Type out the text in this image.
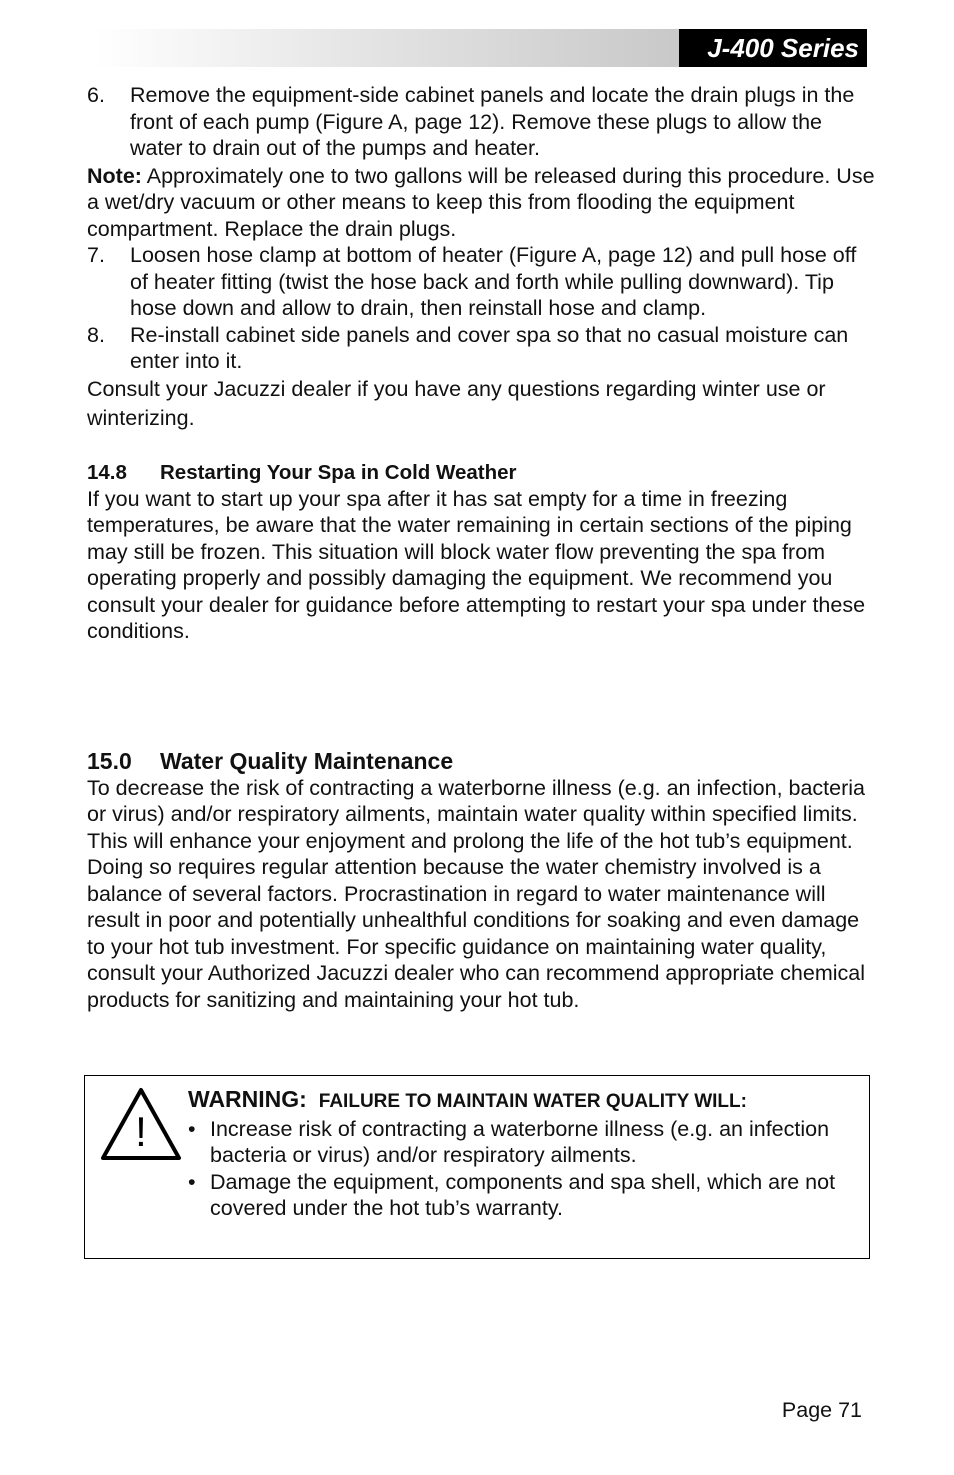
J-400 Series
6.	Remove the equipment-side cabinet panels and locate the drain plugs in the front of each pump (Figure A, page 12). Remove these plugs to allow the water to drain out of the pumps and heater.

Note: Approximately one to two gallons will be released during this procedure. Use a wet/dry vacuum or other means to keep this from flooding the equipment compartment. Replace the drain plugs.

7.	Loosen hose clamp at bottom of heater (Figure A, page 12) and pull hose off of heater fitting (twist the hose back and forth while pulling downward). Tip hose down and allow to drain, then reinstall hose and clamp.
8.	Re-install cabinet side panels and cover spa so that no casual moisture can enter into it.

Consult your Jacuzzi dealer if you have any questions regarding winter use or winterizing.

14.8 Restarting Your Spa in Cold Weather

If you want to start up your spa after it has sat empty for a time in freezing temperatures, be aware that the water remaining in certain sections of the piping may still be frozen. This situation will block water flow preventing the spa from operating properly and possibly damaging the equipment. We recommend you consult your dealer for guidance before attempting to restart your spa under these conditions.

15.0 Water Quality Maintenance

To decrease the risk of contracting a waterborne illness (e.g. an infection, bacteria or virus) and/or respiratory ailments, maintain water quality within specified limits. This will enhance your enjoyment and prolong the life of the hot tub’s equipment. Doing so requires regular attention because the water chemistry involved is a balance of several factors. Procrastination in regard to water maintenance will result in poor and potentially unhealthful conditions for soaking and even damage to your hot tub investment. For specific guidance on maintaining water quality, consult your Authorized Jacuzzi dealer who can recommend appropriate chemical products for sanitizing and maintaining your hot tub.

!
WARNING: FAILURE TO MAINTAIN WATER QUALITY WILL:
• Increase risk of contracting a waterborne illness (e.g. an infection bacteria or virus) and/or respiratory ailments.
• Damage the equipment, components and spa shell, which are not covered under the hot tub’s warranty.
Page 71
